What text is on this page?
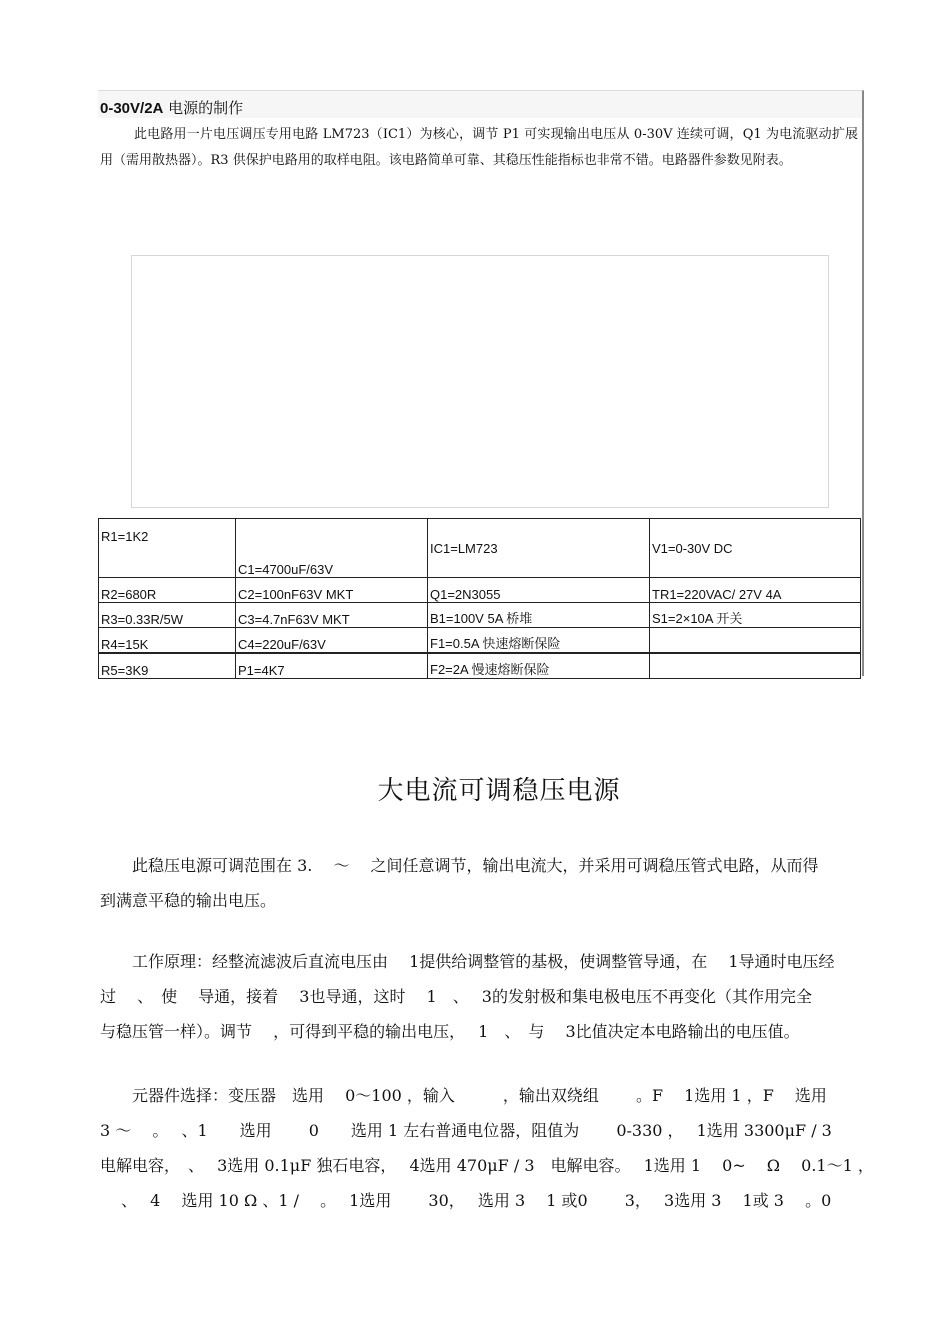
0-30V/2A 电源的制作
此电路用一片电压调压专用电路 LM723（IC1）为核心，调节 P1 可实现输出电压从 0-30V 连续可调，Q1 为电流驱动扩展用（需用散热器）。R3 供保护电路用的取样电阻。该电路简单可靠、其稳压性能指标也非常不错。电路器件参数见附表。
R1=1K2	C1=4700uF/63V	IC1=LM723	V1=0-30V DC
R2=680R	C2=100nF63V MKT	Q1=2N3055	TR1=220VAC/ 27V 4A
R3=0.33R/5W	C3=4.7nF63V MKT	B1=100V 5A 桥堆	S1=2×10A 开关
R4=15K	C4=220uF/63V	F1=0.5A 快速熔断保险	
R5=3K9	P1=4K7	F2=2A 慢速熔断保险	
大电流可调稳压电源
　　此稳压电源可调范围在 3.　 ～　 之间任意调节，输出电流大，并采用可调稳压管式电路，从而得
到满意平稳的输出电压。
　　工作原理：经整流滤波后直流电压由　 1提供给调整管的基极，使调整管导通，在　 1导通时电压经
过　 、　使　 导通，接着　 3也导通，这时　 1　、　 3的发射极和集电极电压不再变化（其作用完全
与稳压管一样）。调节　 ，可得到平稳的输出电压，　 1　、　与　 3比值决定本电路输出的电压值。
　　元器件选择：变压器　选用　 0～100 ，输入　　　，输出双绕组　　 。F　 1选用 1 ，F　 选用
3 ～　 。　 、1　　选用　　 0　　选用 1 左右普通电位器，阻值为　　 0-330 ，　 1选用 3300μF / 3
电解电容，　、　 3选用 0.1μF 独石电容，　 4选用 470μF / 3　电解电容。　 1选用 1　 0~　 Ω　 0.1～1 ，
　 、　 4　 选用 10 Ω 、1 /　 。　 1选用　　 30，　 选用 3　 1 或0　　 3，　 3选用 3　 1或 3　 。0
